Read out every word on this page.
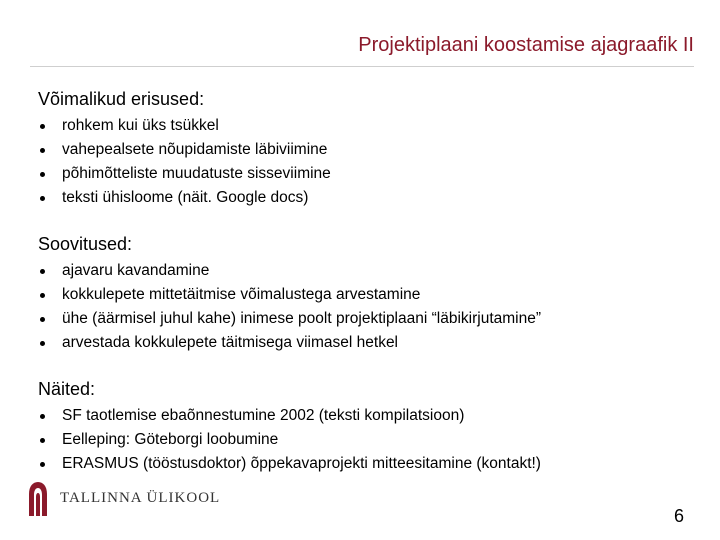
Projektiplaani koostamise ajagraafik II
Võimalikud erisused:
rohkem kui üks tsükkel
vahepealsete nõupidamiste läbiviimine
põhimõtteliste muudatuste sisseviimine
teksti ühisloome (näit. Google docs)
Soovitused:
ajavaru kavandamine
kokkulepete mittetäitmise võimalustega arvestamine
ühe (äärmisel juhul kahe) inimese poolt projektiplaani “läbikirjutamine”
arvestada kokkulepete täitmisega viimasel hetkel
Näited:
SF taotlemise ebaõnnestumine 2002 (teksti kompilatsioon)
Eelleping: Göteborgi loobumine
ERASMUS (tööstusdoktor) õppekavaprojekti mitteesitamine (kontakt!)
TALLINNA ÜLIKOOL
6
